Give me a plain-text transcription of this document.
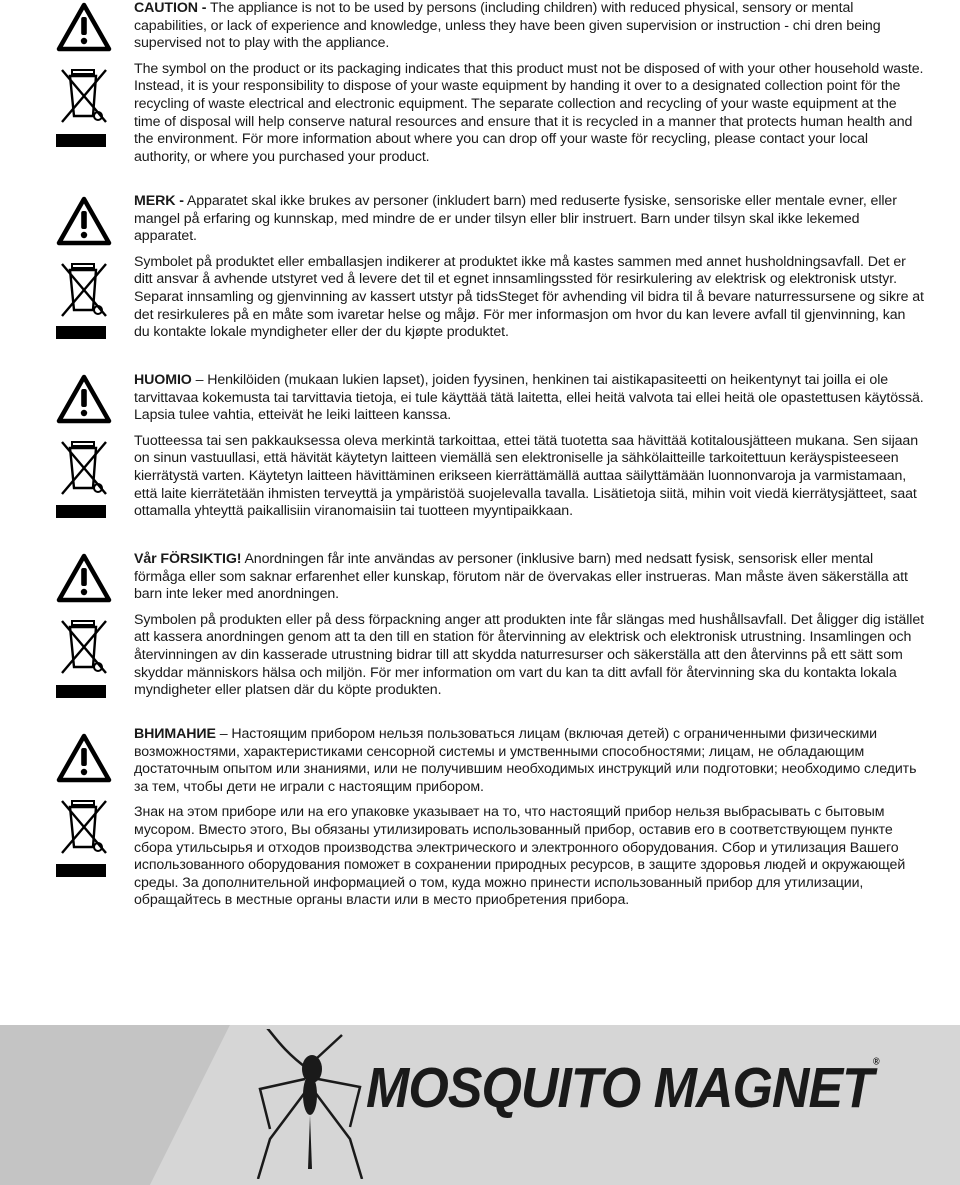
CAUTION - The appliance is not to be used by persons (including children) with reduced physical, sensory or mental capabilities, or lack of experience and knowledge, unless they have been given supervision or instruction - chi dren being supervised not to play with the appliance.

The symbol on the product or its packaging indicates that this product must not be disposed of with your other household waste. Instead, it is your responsibility to dispose of your waste equipment by handing it over to a designated collection point för the recycling of waste electrical and electronic equipment. The separate collection and recycling of your waste equipment at the time of disposal will help conserve natural resources and ensure that it is recycled in a manner that protects human health and the environment. För more information about where you can drop off your waste för recycling, please contact your local authority, or where you purchased your product.

MERK - Apparatet skal ikke brukes av personer (inkludert barn) med reduserte fysiske, sensoriske eller mentale evner, eller mangel på erfaring og kunnskap, med mindre de er under tilsyn eller blir instruert. Barn under tilsyn skal ikke lekemed apparatet.

Symbolet på produktet eller emballasjen indikerer at produktet ikke må kastes sammen med annet husholdningsavfall. Det er ditt ansvar å avhende utstyret ved å levere det til et egnet innsamlingssted för resirkulering av elektrisk og elektronisk utstyr. Separat innsamling og gjenvinning av kassert utstyr på tidsSteget för avhending vil bidra til å bevare naturressursene og sikre at det resirkuleres på en måte som ivaretar helse og måjø. För mer informasjon om hvor du kan levere avfall til gjenvinning, kan du kontakte lokale myndigheter eller der du kjøpte produktet.

HUOMIO – Henkilöiden (mukaan lukien lapset), joiden fyysinen, henkinen tai aistikapasiteetti on heikentynyt tai joilla ei ole tarvittavaa kokemusta tai tarvittavia tietoja, ei tule käyttää tätä laitetta, ellei heitä valvota tai ellei heitä ole opastettusen käytössä. Lapsia tulee vahtia, etteivät he leiki laitteen kanssa.

Tuotteessa tai sen pakkauksessa oleva merkintä tarkoittaa, ettei tätä tuotetta saa hävittää kotitalousjätteen mukana. Sen sijaan on sinun vastuullasi, että hävität käytetyn laitteen viemällä sen elektroniselle ja sähkölaitteille tarkoitettuun keräyspisteeseen kierrätystä varten. Käytetyn laitteen hävittäminen erikseen kierrättämällä auttaa säilyttämään luonnonvaroja ja varmistamaan, että laite kierrätetään ihmisten terveyttä ja ympäristöä suojelevalla tavalla. Lisätietoja siitä, mihin voit viedä kierrätysjätteet, saat ottamalla yhteyttä paikallisiin viranomaisiin tai tuotteen myyntipaikkaan.

Vår FÖRSIKTIG! Anordningen får inte användas av personer (inklusive barn) med nedsatt fysisk, sensorisk eller mental förmåga eller som saknar erfarenhet eller kunskap, förutom när de övervakas eller instrueras. Man måste även säkerställa att barn inte leker med anordningen.

Symbolen på produkten eller på dess förpackning anger att produkten inte får slängas med hushållsavfall. Det åligger dig istället att kassera anordningen genom att ta den till en station för återvinning av elektrisk och elektronisk utrustning. Insamlingen och återvinningen av din kasserade utrustning bidrar till att skydda naturresurser och säkerställa att den återvinns på ett sätt som skyddar människors hälsa och miljön. För mer information om vart du kan ta ditt avfall för återvinning ska du kontakta lokala myndigheter eller platsen där du köpte produkten.

ВНИМАНИЕ – Настоящим прибором нельзя пользоваться лицам (включая детей) с ограниченными физическими возможностями, характеристиками сенсорной системы и умственными способностями; лицам, не обладающим достаточным опытом или знаниями, или не получившим необходимых инструкций или подготовки; необходимо следить за тем, чтобы дети не играли с настоящим прибором.

Знак на этом приборе или на его упаковке указывает на то, что настоящий прибор нельзя выбрасывать с бытовым мусором. Вместо этого, Вы обязаны утилизировать использованный прибор, оставив его в соответствующем пункте сбора утильсырья и отходов производства электрического и электронного оборудования. Сбор и утилизация Вашего использованного оборудования поможет в сохранении природных ресурсов, в защите здоровья людей и окружающей среды. За дополнительной информацией о том, куда можно принести использованный прибор для утилизации, обращайтесь в местные органы власти или в место приобретения прибора.

MOSQUITO MAGNET®
